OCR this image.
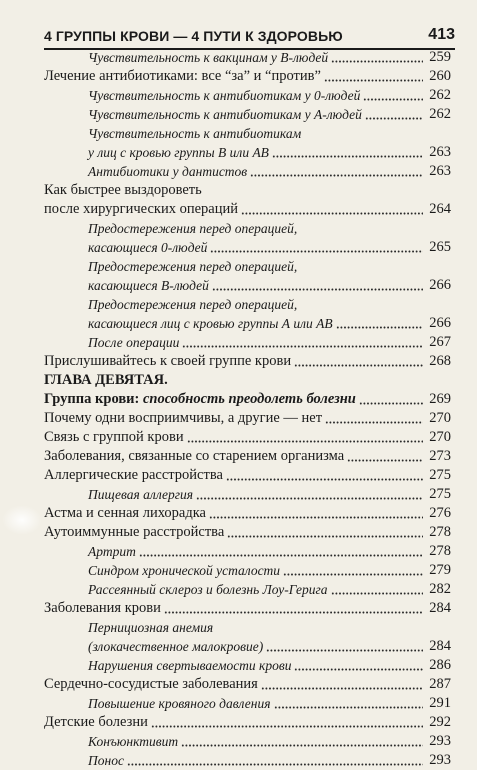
4 ГРУППЫ КРОВИ — 4 ПУТИ К ЗДОРОВЬЮ	413
ГЛАВА ДЕВЯТАЯ.
Чувствительность к вакцинам у В-людей	259
Лечение антибиотиками: все “за” и “против”	260
Чувствительность к антибиотикам у 0-людей	262
Чувствительность к антибиотикам у А-людей	262
Чувствительность к антибиотикам
у лиц с кровью группы В или АВ	263
Антибиотики у дантистов	263
Как быстрее выздороветь
после хирургических операций	264
Предостережения перед операцией,
касающиеся 0-людей	265
Предостережения перед операцией,
касающиеся В-людей	266
Предостережения перед операцией,
касающиеся лиц с кровью группы А или АВ	266
После операции	267
Прислушивайтесь к своей группе крови	268
Группа крови: способность преодолеть болезни	269
Почему одни восприимчивы, а другие — нет	270
Связь с группой крови	270
Заболевания, связанные со старением организма	273
Аллергические расстройства	275
Пищевая аллергия	275
Астма и сенная лихорадка	276
Аутоиммунные расстройства	278
Артрит	278
Синдром хронической усталости	279
Рассеянный склероз и болезнь Лоу-Герига	282
Заболевания крови	284
Пернициозная анемия
(злокачественное малокровие)	284
Нарушения свертываемости крови	286
Сердечно-сосудистые заболевания	287
Повышение кровяного давления	291
Детские болезни	292
Конъюнктивит	293
Понос	293
